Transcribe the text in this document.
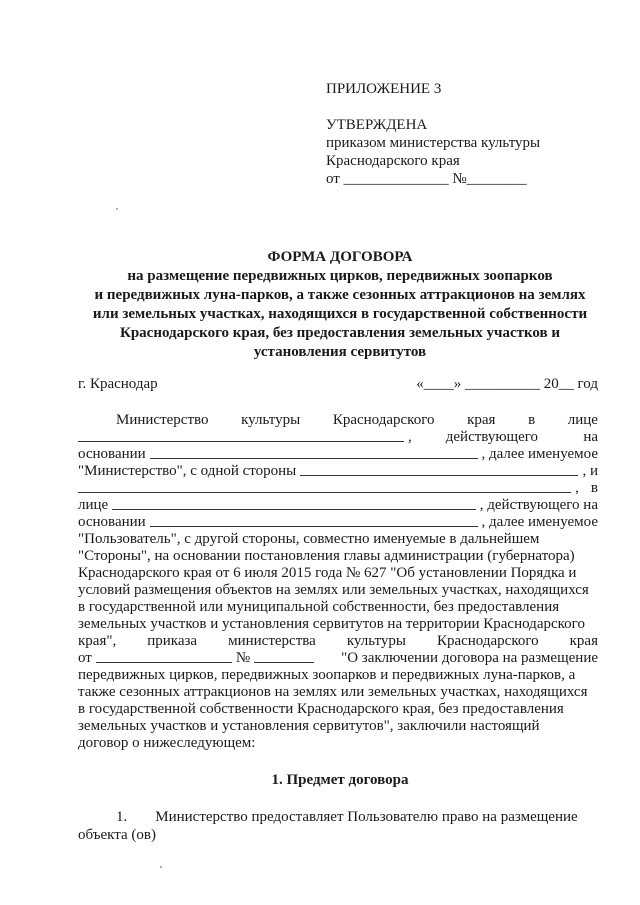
ПРИЛОЖЕНИЕ 3
УТВЕРЖДЕНА
приказом министерства культуры
Краснодарского края
от ______________ №________
ФОРМА ДОГОВОРА
на размещение передвижных цирков, передвижных зоопарков
и передвижных луна-парков, а также сезонных аттракционов на землях
или земельных участках, находящихся в государственной собственности
Краснодарского края, без предоставления земельных участков и
установления сервитутов
г. Краснодар	«____» __________ 20__ год
Министерство культуры Краснодарского края в лице
, действующего	на
основании	, далее именуемое
"Министерство", с одной стороны	, и
, в
лице	, действующего на
основании	, далее именуемое
"Пользователь", с другой стороны, совместно именуемые в дальнейшем
"Стороны", на основании постановления главы администрации (губернатора)
Краснодарского края от 6 июля 2015 года № 627 "Об установлении Порядка и
условий размещения объектов на землях или земельных участках, находящихся
в государственной или муниципальной собственности, без предоставления
земельных участков и установления сервитутов на территории Краснодарского
края", приказа министерства культуры Краснодарского края
от	№	"О заключении договора на размещение
передвижных цирков, передвижных зоопарков и передвижных луна-парков, а
также сезонных аттракционов на землях или земельных участках, находящихся
в государственной собственности Краснодарского края, без предоставления
земельных участков и установления сервитутов", заключили настоящий
договор о нижеследующем:
1. Предмет договора
1. Министерство предоставляет Пользователю право на размещение
объекта (ов)
